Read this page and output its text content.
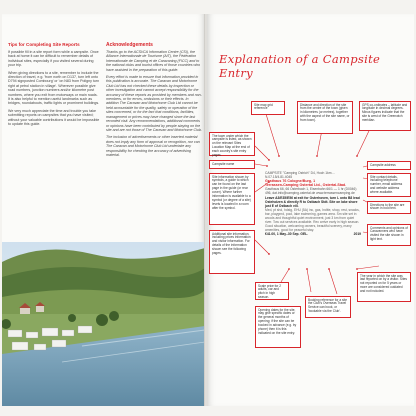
Tips for Completing Site Reports

If possible fill in a site report form while a campsite. Once back at home it can be difficult to remember details of individual sites, especially if you visited several during your trip.

When giving directions to a site, remember to include the direction of travel, e.g. 'from north on D137, turn left onto D794 signposted Combourg' or 'on N83 from Poligny turn right at petrol station in village'. Wherever possible give road numbers, junction numbers and/or kilometre post numbers, where you exit from motorways or main roads. It is also helpful to mention useful landmarks such as bridges, roundabouts, traffic lights or prominent buildings.

We very much appreciate the time and trouble you take submitting reports on campsites that you have visited; without your valuable contributions it would be impossible to update this guide.

Acknowledgements

Thanks go to the ACSI/CA Information Centre (CSI), the Alliance Internationale de Tourisme (AIT), the Fédération Internationale de Camping et de Caravaning (FICC) and to the national clubs and tourist offices of those countries who have assisted in the preparation of this guide.

Every effort is made to ensure that information provided in this publication is accurate. The Caravan and Motorhome Club Ltd has not checked these details by inspection or other investigation and cannot accept responsibility for the accuracy of these reports as provided by members and non-members, or for errors, omissions or their effects. In addition The Caravan and Motorhome Club Ltd cannot be held accountable for the quality, safety or operation of the sites concerned, or for the fact that conditions, facilities, management or prices may have changed since the last recorded visit. Any recommendations, additional comments or opinions have been contributed by people staying on the site and are not those of The Caravan and Motorhome Club.

The inclusion of advertisements or other inserted material does not imply any form of approval or recognition, nor can The Caravan and Motorhome Club Ltd undertake any responsibility for checking the accuracy of advertising material.

Explanation of a Campsite Entry
Site map grid reference
Distance and direction of the site from the centre of the town (given in kilometres (or metres), together with the aspect of the site name, or from town).
GPS co-ordinates – latitude and longitude in decimal degrees. Minus figures indicate that the site is west of the Greenwich meridian.
The town under which the campsite is listed, as shown on the relevant Sites Location Map at the end of each country's site entry pages.
Campsite name	Campsite address
Site information shown by symbols, a guide to which can be found on the last page in the guide (or rear cover). Where further information is available to a symbol (or degree of a site) levels is located in a room after the symbol.
Site contact details, including telephone number, email address and website address where available.
Directions to the site are shown in bold text.
Additional site information, including prices information and visitor information. For details of the information shown see the following pages.
Comments and opinions of Caravanners who have visited the site shown in light text.
Scale price for 2 adults, car and pitch in high season.
Opening dates for the site, may give specific dates or the general months of opening; if the site can be booked in advance (e.g. by phone) then it is this indicated on the site entry.
Booking reference for a site the Club's Overseas Travel Service can book, or 'bookable via the Club'.
The year in which the site was last reported on by a visitor. Sites not reported on for 5 years or more are considered outdated and not included.
CAMPSITE "Camping Ostrich" D4, Hoch 1km ... N.07.15/4.81.4045
Gasthaus 76 Cologne/Burg, 1
Terrassen-Camping Ostertal Ltd., Ostertal-Stad.
Gasthaus 66, 66 Osterbach 1, Eisenbahn 66/1 — 1 hr (D0046) 496, dat.info@camping.ostertal.de www.terrassencamping.de
Leave A3/E35/E56 at exit for Osterhoven, turn L onto B8 lead Osteholzen & directly R to Ostbach Stdt. Site on lake shore just E of Ostbach vill.
Med, pt shd, hdstg, EHU (5A) inc, gas, Indtte, shop, rest, snacks, bar, playgrnd, pool, lake swimming, games area. Sm site set in woods and thoughtful quiet environment, just 3 km from quiet river. Tow out services available. Rec arrive early in high season. Good situation, welcoming owners, beautiful scenery, many amenities, good for peaceful stay.
€41.00, 1 May–30 Sep. GEL.	2019
